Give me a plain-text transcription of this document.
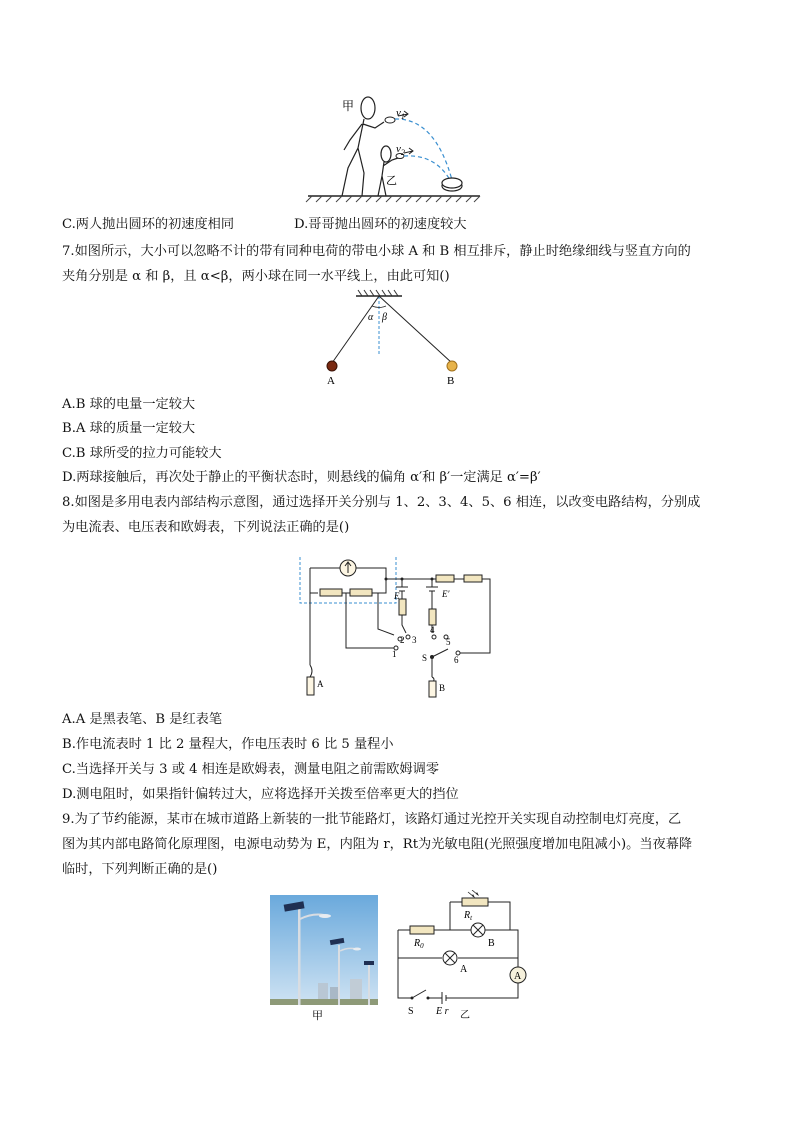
甲
乙
$v_1$
$v_2$
C.两人抛出圆环的初速度相同	D.哥哥抛出圆环的初速度较大
7.如图所示，大小可以忽略不计的带有同种电荷的带电小球 A 和 B 相互排斥，静止时绝缘细线与竖直方向的
夹角分别是 α 和 β，且 α<β，两小球在同一水平线上，由此可知()
α β
A	B
A.B 球的电量一定较大
B.A 球的质量一定较大
C.B 球所受的拉力可能较大
D.两球接触后，再次处于静止的平衡状态时，则悬线的偏角 α′和 β′一定满足 α′=β′
8.如图是多用电表内部结构示意图，通过选择开关分别与 1、2、3、4、5、6 相连，以改变电路结构，分别成
为电流表、电压表和欧姆表，下列说法正确的是()
E	E′
1
2 3
4
5
6
S
A	B
A.A 是黑表笔、B 是红表笔
B.作电流表时 1 比 2 量程大，作电压表时 6 比 5 量程小
C.当选择开关与 3 或 4 相连是欧姆表，测量电阻之前需欧姆调零
D.测电阻时，如果指针偏转过大，应将选择开关拨至倍率更大的挡位
9.为了节约能源，某市在城市道路上新装的一批节能路灯，该路灯通过光控开关实现自动控制电灯亮度，乙
图为其内部电路简化原理图，电源电动势为 E，内阻为 r，Rt为光敏电阻(光照强度增加电阻减小)。当夜幕降
临时，下列判断正确的是()
甲
$R_t$
$R_0$	B
A
A
S E r 乙
